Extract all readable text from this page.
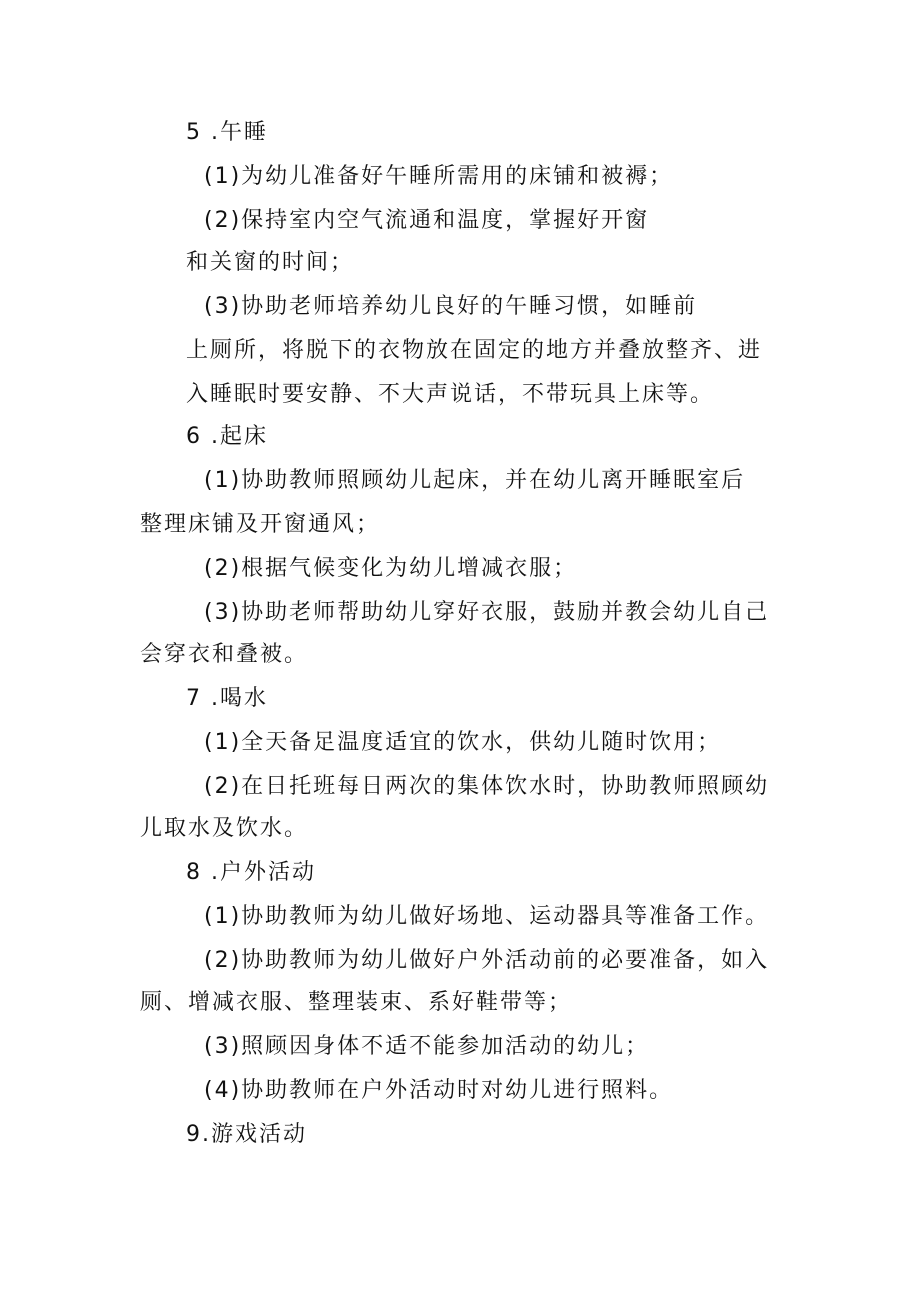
5 .午睡
(1)为幼儿准备好午睡所需用的床铺和被褥；
(2)保持室内空气流通和温度，掌握好开窗
和关窗的时间；
(3)协助老师培养幼儿良好的午睡习惯，如睡前
上厕所，将脱下的衣物放在固定的地方并叠放整齐、进
入睡眠时要安静、不大声说话，不带玩具上床等。
6 .起床
(1)协助教师照顾幼儿起床，并在幼儿离开睡眠室后
整理床铺及开窗通风；
(2)根据气候变化为幼儿增减衣服；
(3)协助老师帮助幼儿穿好衣服，鼓励并教会幼儿自己
会穿衣和叠被。
7 .喝水
(1)全天备足温度适宜的饮水，供幼儿随时饮用；
(2)在日托班每日两次的集体饮水时，协助教师照顾幼
儿取水及饮水。
8 .户外活动
(1)协助教师为幼儿做好场地、运动器具等准备工作。
(2)协助教师为幼儿做好户外活动前的必要准备，如入
厕、增减衣服、整理装束、系好鞋带等；
(3)照顾因身体不适不能参加活动的幼儿；
(4)协助教师在户外活动时对幼儿进行照料。
9.游戏活动
